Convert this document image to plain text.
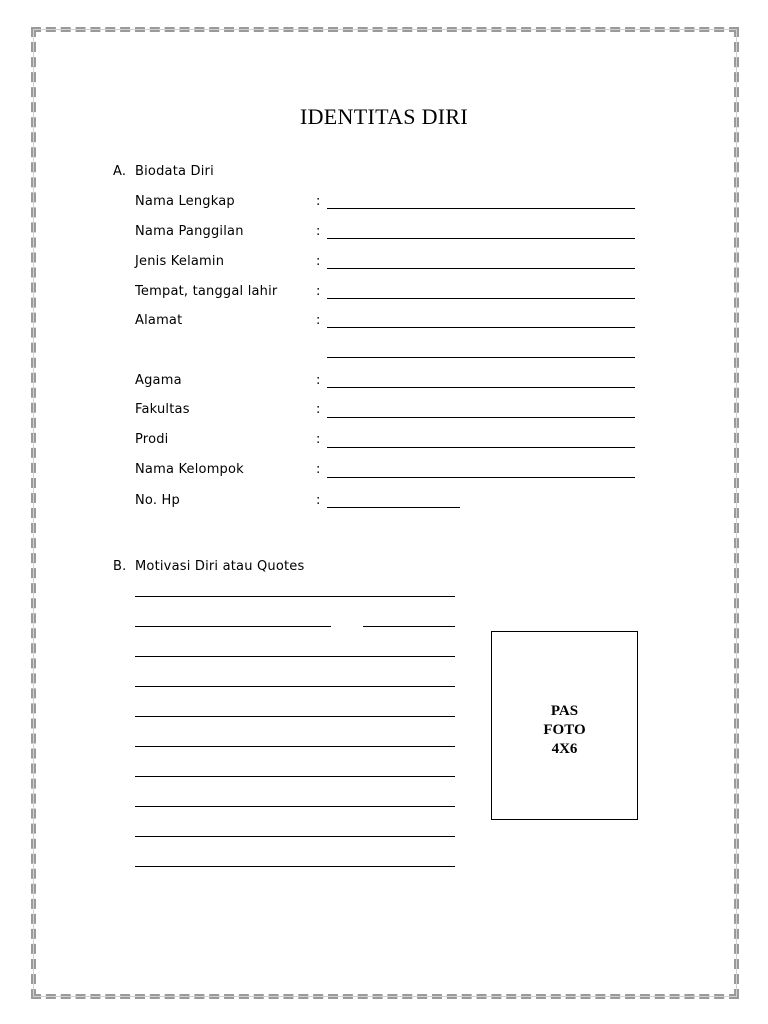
IDENTITAS DIRI
A. Biodata Diri
Nama Lengkap	:
Nama Panggilan	:
Jenis Kelamin	:
Tempat, tanggal lahir	:
Alamat	:
Agama	:
Fakultas	:
Prodi	:
Nama Kelompok	:
No. Hp	:
B. Motivasi Diri atau Quotes
PAS
FOTO
4X6
